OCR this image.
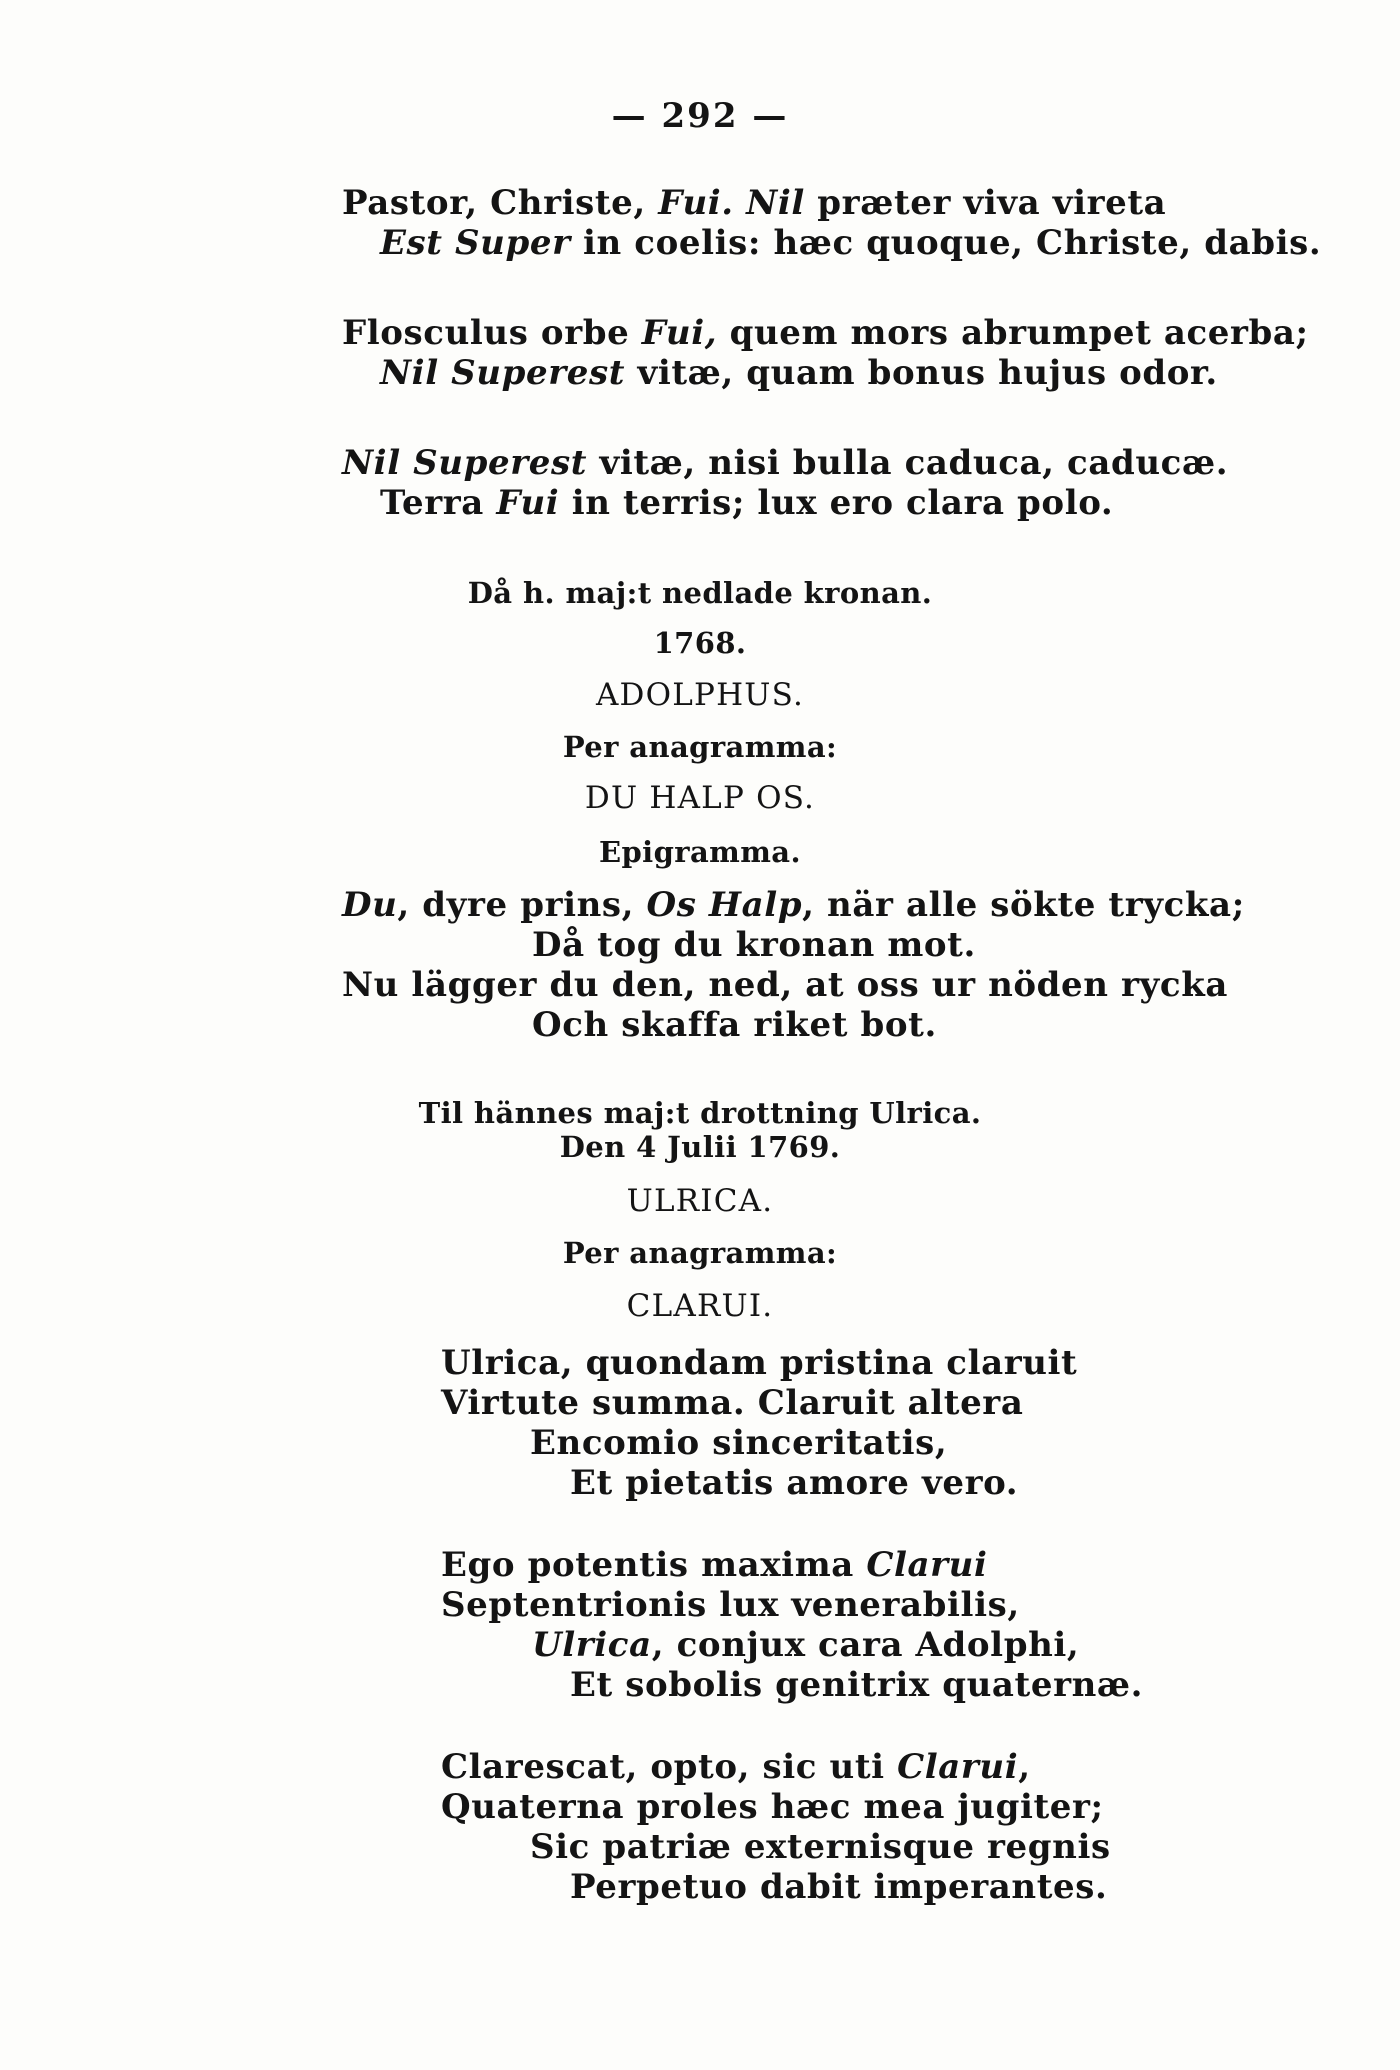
— 292 —
Pastor, Christe, Fui. Nil præter viva vireta
Est Super in coelis: hæc quoque, Christe, dabis.
Flosculus orbe Fui, quem mors abrumpet acerba;
Nil Superest vitæ, quam bonus hujus odor.
Nil Superest vitæ, nisi bulla caduca, caducæ.
Terra Fui in terris; lux ero clara polo.
Då h. maj:t nedlade kronan.
1768.
ADOLPHUS.
Per anagramma:
DU HALP OS.
Epigramma.
Du, dyre prins, Os Halp, när alle sökte trycka;
Då tog du kronan mot.
Nu lägger du den, ned, at oss ur nöden rycka
Och skaffa riket bot.
Til hännes maj:t drottning Ulrica.
Den 4 Julii 1769.
ULRICA.
Per anagramma:
CLARUI.
Ulrica, quondam pristina claruit
Virtute summa. Claruit altera
Encomio sinceritatis,
Et pietatis amore vero.
Ego potentis maxima Clarui
Septentrionis lux venerabilis,
Ulrica, conjux cara Adolphi,
Et sobolis genitrix quaternæ.
Clarescat, opto, sic uti Clarui,
Quaterna proles hæc mea jugiter;
Sic patriæ externisque regnis
Perpetuo dabit imperantes.
